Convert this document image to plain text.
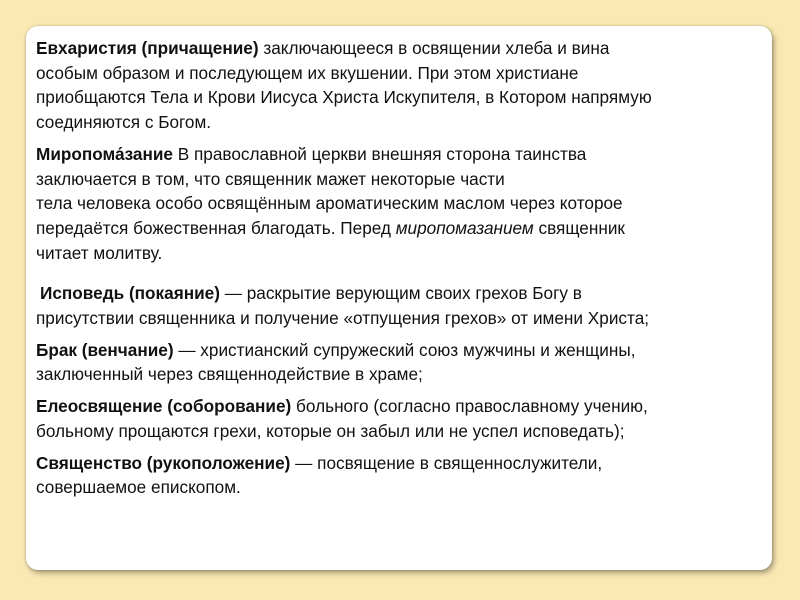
Евхаристия (причащение) заключающееся в освящении хлеба и вина
особым образом и последующем их вкушении. При этом христиане
приобщаются Тела и Крови Иисуса Христа Искупителя, в Котором напрямую
соединяются с Богом.

Миропома́зание В православной церкви внешняя сторона таинства
заключается в том, что священник мажет некоторые части
тела человека особо освящённым ароматическим маслом через которое
передаётся божественная благодать. Перед миропомазанием священник
читает молитву.

Исповедь (покаяние) — раскрытие верующим своих грехов Богу в

присутствии священника и получение «отпущения грехов» от имени Христа;

Брак (венчание) — христианский супружеский союз мужчины и женщины,
заключенный через священнодействие в храме;

Елеосвящение (соборование) больного (согласно православному учению,
больному прощаются грехи, которые он забыл или не успел исповедать);

Священство (рукоположение) — посвящение в священнослужители,
совершаемое епископом.
